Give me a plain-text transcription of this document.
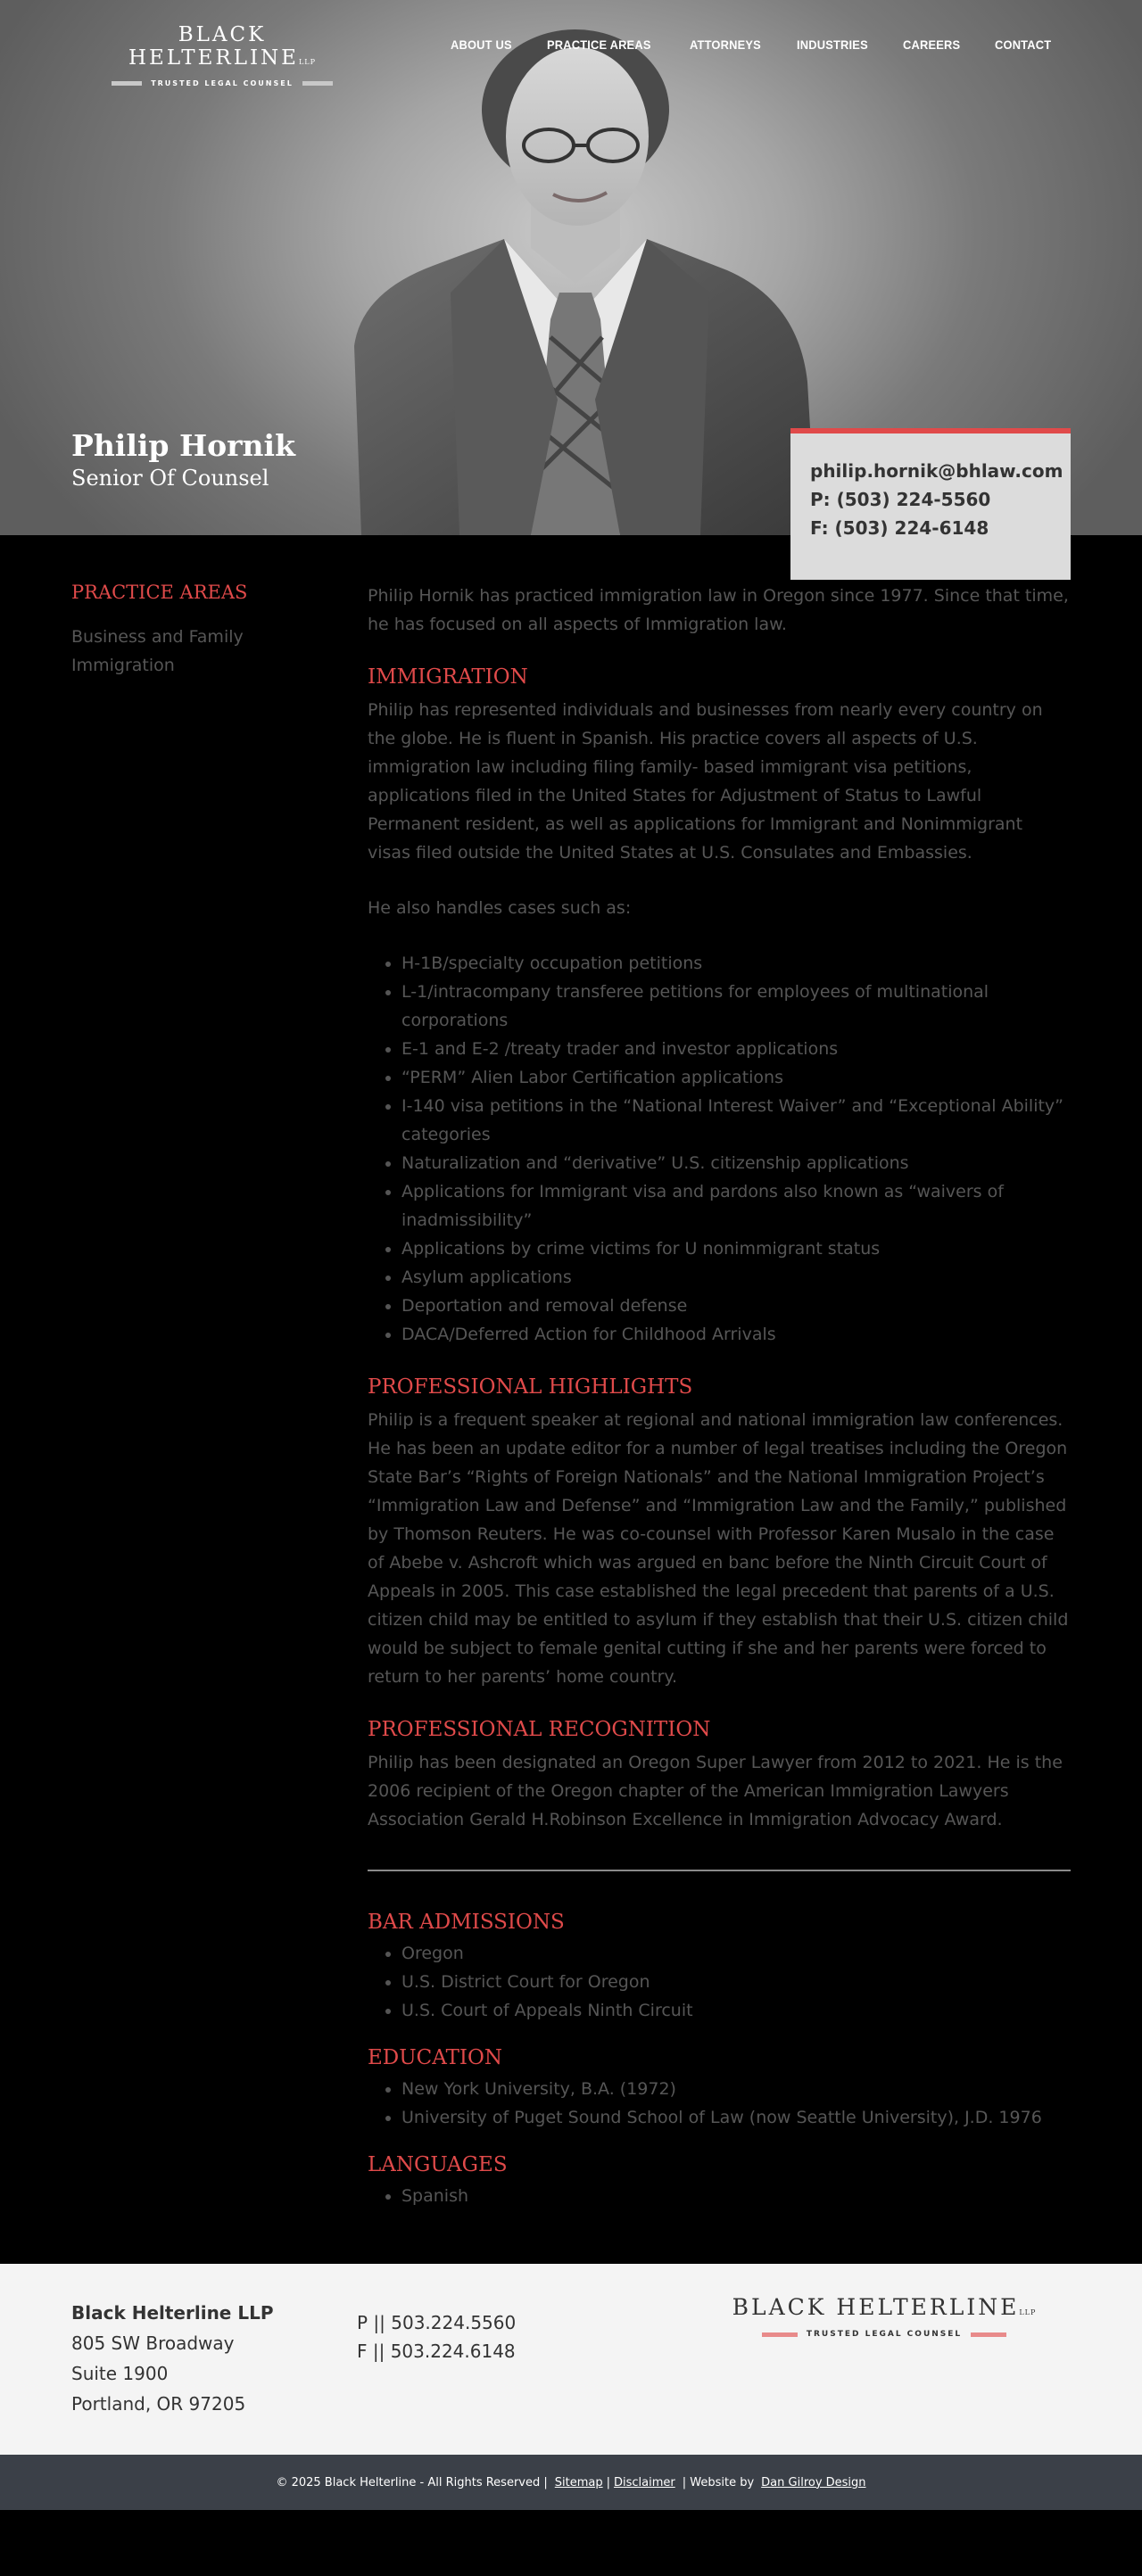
BLACK HELTERLINELLP
TRUSTED LEGAL COUNSEL
ABOUT US	PRACTICE AREAS	ATTORNEYS	INDUSTRIES	CAREERS	CONTACT
Philip Hornik
Senior Of Counsel	philip.hornik@bhlaw.com
P: (503) 224-5560
F: (503) 224-6148
PRACTICE AREAS
Business and Family Immigration

Philip Hornik has practiced immigration law in Oregon since 1977. Since that time, he has focused on all aspects of Immigration law.

IMMIGRATION

Philip has represented individuals and businesses from nearly every country on the globe. He is fluent in Spanish. His practice covers all aspects of U.S. immigration law including filing family- based immigrant visa petitions, applications filed in the United States for Adjustment of Status to Lawful Permanent resident, as well as applications for Immigrant and Nonimmigrant visas filed outside the United States at U.S. Consulates and Embassies.

He also handles cases such as:

• H-1B/specialty occupation petitions
• L-1/intracompany transferee petitions for employees of multinational corporations
• E-1 and E-2 /treaty trader and investor applications
• “PERM” Alien Labor Certification applications
• I-140 visa petitions in the “National Interest Waiver” and “Exceptional Ability” categories
• Naturalization and “derivative” U.S. citizenship applications
• Applications for Immigrant visa and pardons also known as “waivers of inadmissibility”
• Applications by crime victims for U nonimmigrant status
• Asylum applications
• Deportation and removal defense
• DACA/Deferred Action for Childhood Arrivals
PROFESSIONAL HIGHLIGHTS

Philip is a frequent speaker at regional and national immigration law conferences. He has been an update editor for a number of legal treatises including the Oregon State Bar’s “Rights of Foreign Nationals” and the National Immigration Project’s “Immigration Law and Defense” and “Immigration Law and the Family,” published by Thomson Reuters. He was co-counsel with Professor Karen Musalo in the case of Abebe v. Ashcroft which was argued en banc before the Ninth Circuit Court of Appeals in 2005. This case established the legal precedent that parents of a U.S. citizen child may be entitled to asylum if they establish that their U.S. citizen child would be subject to female genital cutting if she and her parents were forced to return to her parents’ home country.

PROFESSIONAL RECOGNITION

Philip has been designated an Oregon Super Lawyer from 2012 to 2021. He is the 2006 recipient of the Oregon chapter of the American Immigration Lawyers Association Gerald H.Robinson Excellence in Immigration Advocacy Award.

BAR ADMISSIONS
• Oregon
• U.S. District Court for Oregon
• U.S. Court of Appeals Ninth Circuit
EDUCATION
• New York University, B.A. (1972)
• University of Puget Sound School of Law (now Seattle University), J.D. 1976
LANGUAGES
• Spanish
Black Helterline LLP
805 SW Broadway
Suite 1900
Portland, OR 97205
P || 503.224.5560
F || 503.224.6148
BLACK HELTERLINELLP
TRUSTED LEGAL COUNSEL
© 2025 Black Helterline - All Rights Reserved | Sitemap | Disclaimer | Website by Dan Gilroy Design
